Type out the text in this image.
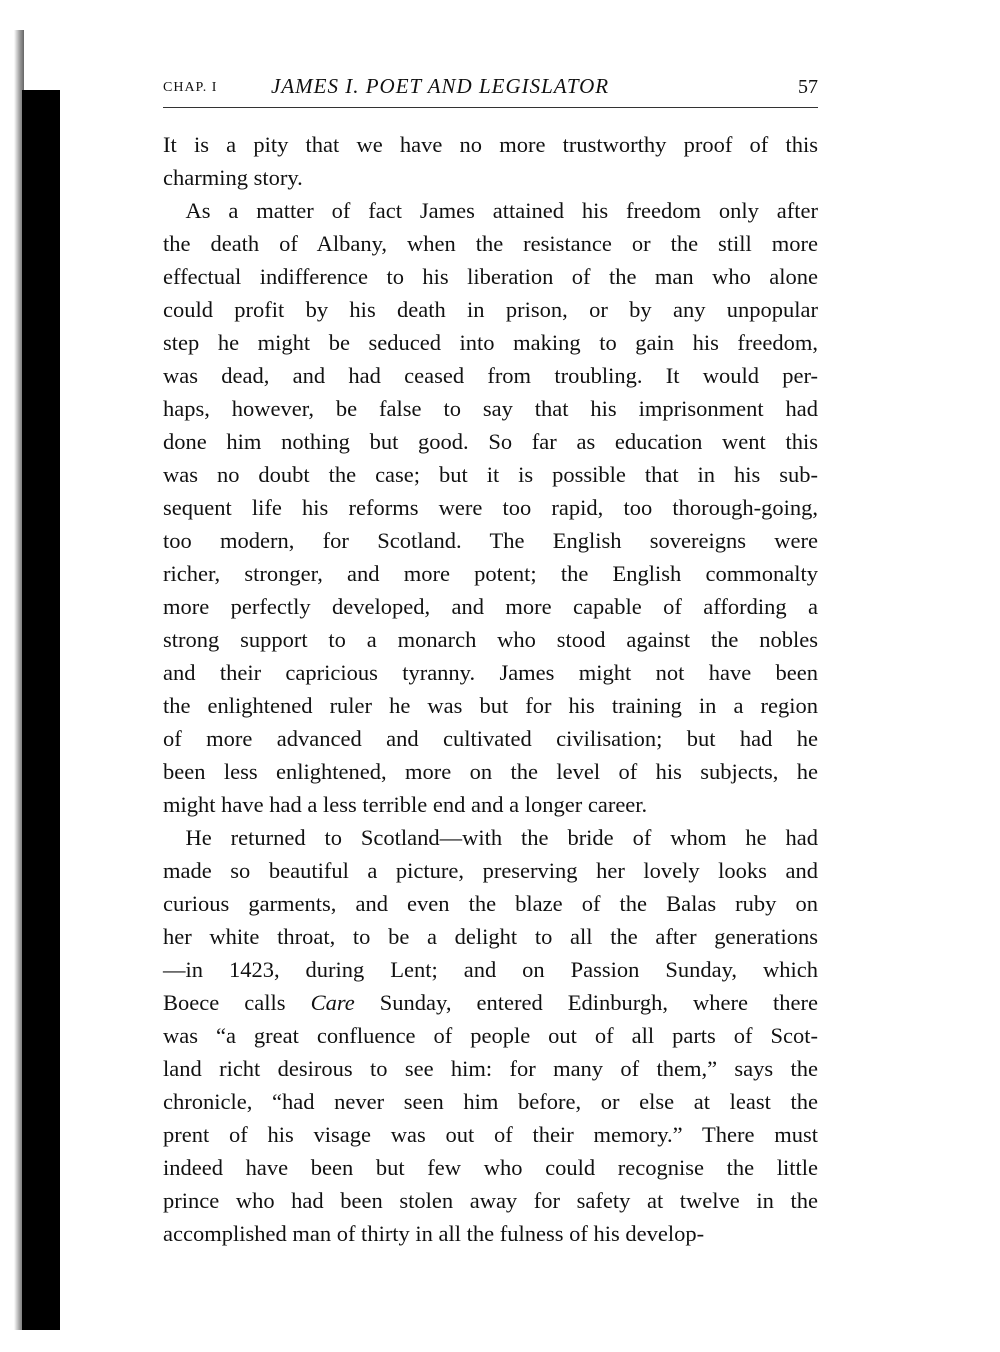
CHAP. I	JAMES I. POET AND LEGISLATOR	57
It is a pity that we have no more trustworthy proof of this
charming story.
 As a matter of fact James attained his freedom only after
the death of Albany, when the resistance or the still more
effectual indifference to his liberation of the man who alone
could profit by his death in prison, or by any unpopular
step he might be seduced into making to gain his freedom,
was dead, and had ceased from troubling. It would per-
haps, however, be false to say that his imprisonment had
done him nothing but good. So far as education went this
was no doubt the case; but it is possible that in his sub-
sequent life his reforms were too rapid, too thorough-going,
too modern, for Scotland. The English sovereigns were
richer, stronger, and more potent; the English commonalty
more perfectly developed, and more capable of affording a
strong support to a monarch who stood against the nobles
and their capricious tyranny. James might not have been
the enlightened ruler he was but for his training in a region
of more advanced and cultivated civilisation; but had he
been less enlightened, more on the level of his subjects, he
might have had a less terrible end and a longer career.
 He returned to Scotland—with the bride of whom he had
made so beautiful a picture, preserving her lovely looks and
curious garments, and even the blaze of the Balas ruby on
her white throat, to be a delight to all the after generations
—in 1423, during Lent; and on Passion Sunday, which
Boece calls Care Sunday, entered Edinburgh, where there
was “a great confluence of people out of all parts of Scot-
land richt desirous to see him: for many of them,” says the
chronicle, “had never seen him before, or else at least the
prent of his visage was out of their memory.” There must
indeed have been but few who could recognise the little
prince who had been stolen away for safety at twelve in the
accomplished man of thirty in all the fulness of his develop-
